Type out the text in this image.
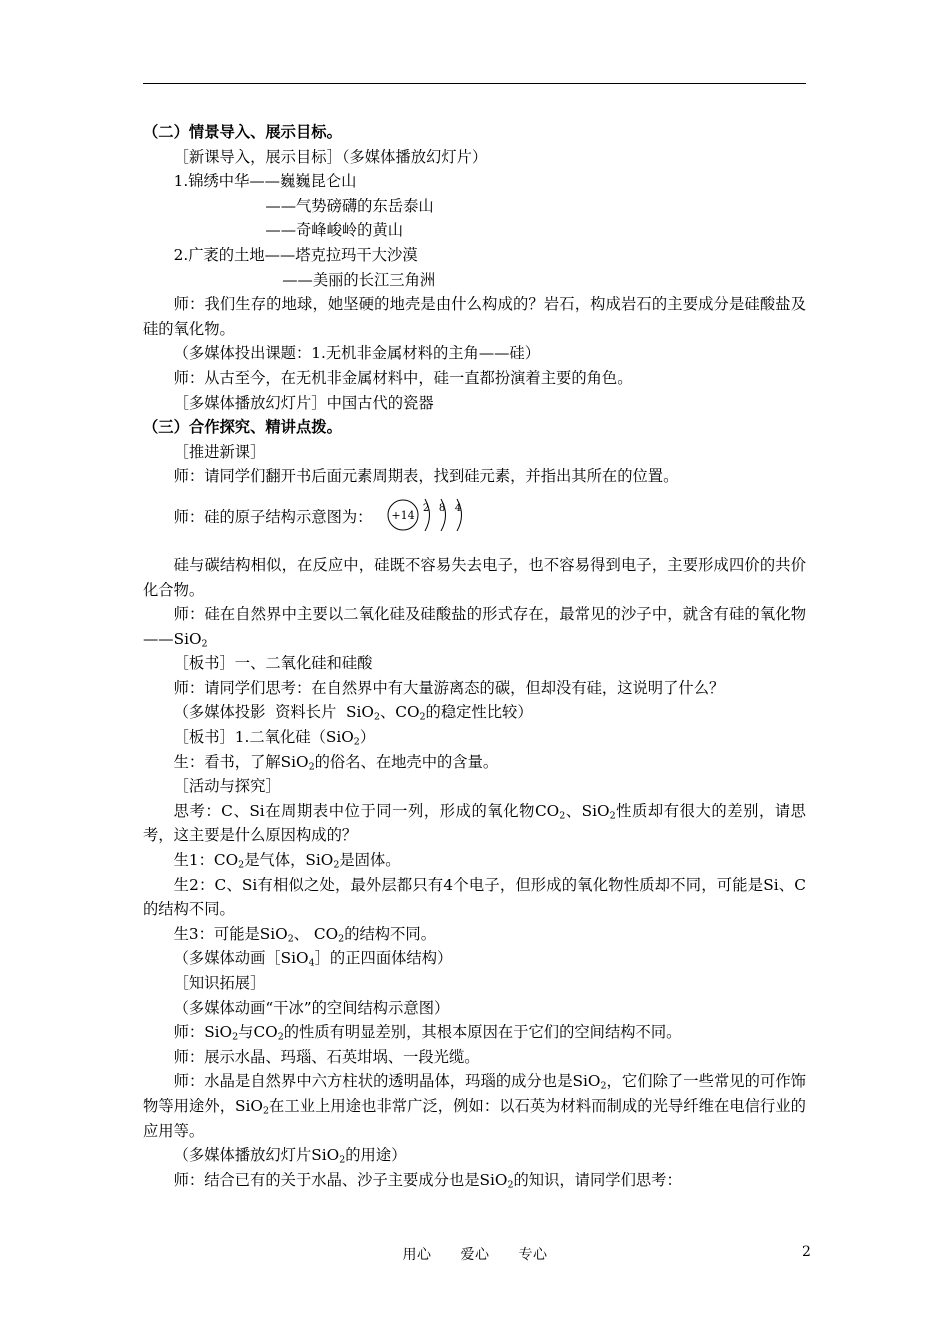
（二）情景导入、展示目标。

［新课导入，展示目标］（多媒体播放幻灯片）

1.锦绣中华——巍巍昆仑山

——气势磅礴的东岳泰山

——奇峰峻岭的黄山

2.广袤的土地——塔克拉玛干大沙漠

——美丽的长江三角洲

师：我们生存的地球，她坚硬的地壳是由什么构成的？岩石，构成岩石的主要成分是硅酸盐及硅的氧化物。

（多媒体投出课题：1.无机非金属材料的主角——硅）

师：从古至今，在无机非金属材料中，硅一直都扮演着主要的角色。

［多媒体播放幻灯片］中国古代的瓷器

（三）合作探究、精讲点拨。

［推进新课］

师：请同学们翻开书后面元素周期表，找到硅元素，并指出其所在的位置。

师：硅的原子结构示意图为： +14
2 8 4

硅与碳结构相似，在反应中，硅既不容易失去电子，也不容易得到电子，主要形成四价的共价化合物。

师：硅在自然界中主要以二氧化硅及硅酸盐的形式存在，最常见的沙子中，就含有硅的氧化物——SiO$_2$

［板书］一、二氧化硅和硅酸

师：请同学们思考：在自然界中有大量游离态的碳，但却没有硅，这说明了什么？

（多媒体投影  资料长片  SiO$_2$、$CO_2$的稳定性比较）

［板书］1.二氧化硅（SiO$_2$）

生：看书，了解SiO$_2$的俗名、在地壳中的含量。

［活动与探究］

思考：C、Si在周期表中位于同一列，形成的氧化物$CO_2$、SiO$_2$性质却有很大的差别，请思考，这主要是什么原因构成的？

生1：$CO_2$是气体，SiO$_2$是固体。

生2：C、Si有相似之处，最外层都只有4个电子，但形成的氧化物性质却不同，可能是Si、C的结构不同。

生3：可能是SiO$_2$、 $CO_2$的结构不同。

（多媒体动画［SiO$_4$］的正四面体结构）

［知识拓展］

（多媒体动画“干冰”的空间结构示意图）

师：SiO$_2$与$CO_2$的性质有明显差别，其根本原因在于它们的空间结构不同。

师：展示水晶、玛瑙、石英坩埚、一段光缆。

师：水晶是自然界中六方柱状的透明晶体，玛瑙的成分也是SiO$_2$，它们除了一些常见的可作饰物等用途外，SiO$_2$在工业上用途也非常广泛，例如：以石英为材料而制成的光导纤维在电信行业的应用等。

（多媒体播放幻灯片SiO$_2$的用途）

师：结合已有的关于水晶、沙子主要成分也是SiO$_2$的知识，请同学们思考：

用心 爱心 专心	2
